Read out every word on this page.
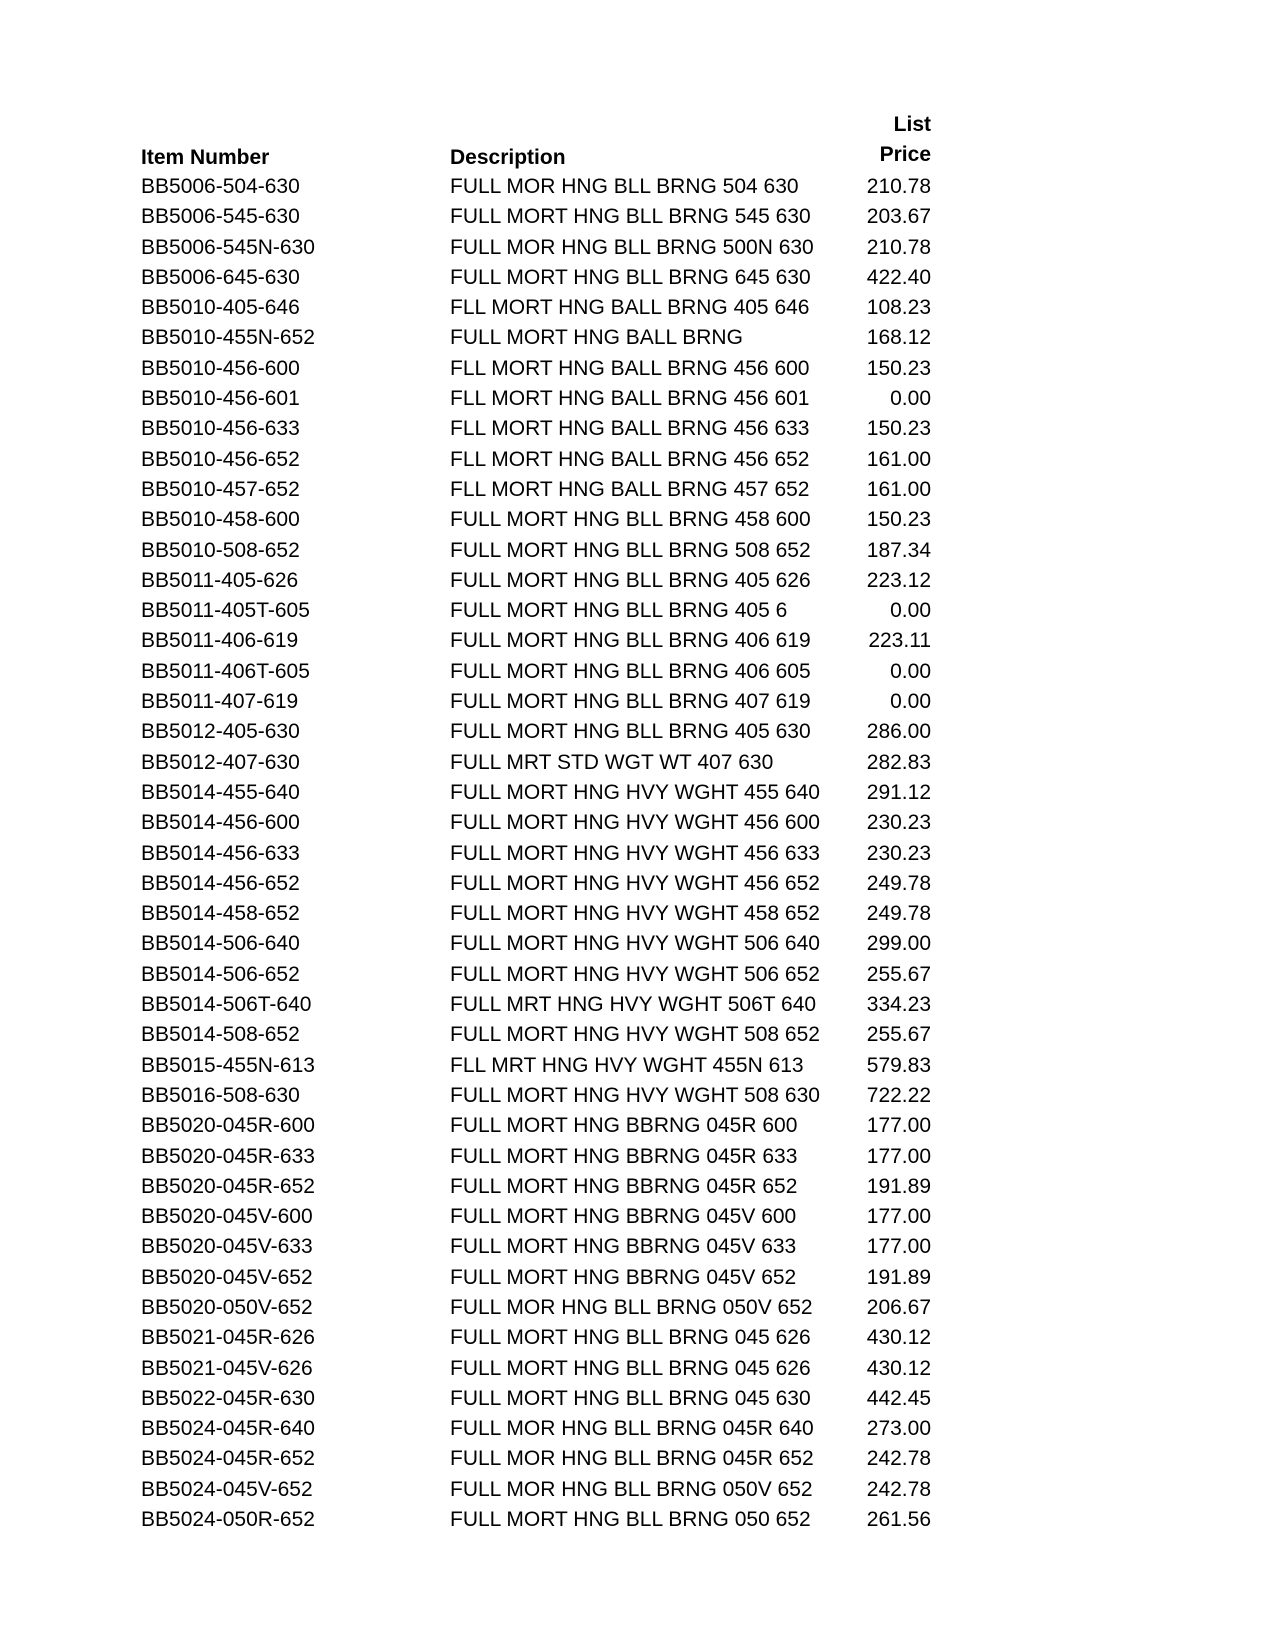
Item Number	Description
List
Price
BB5006-504-630	FULL MOR HNG BLL BRNG 504 630	210.78
BB5006-545-630	FULL MORT HNG BLL BRNG 545 630	203.67
BB5006-545N-630	FULL MOR HNG BLL BRNG 500N 630	210.78
BB5006-645-630	FULL MORT HNG BLL BRNG 645 630	422.40
BB5010-405-646	FLL MORT HNG BALL BRNG 405 646	108.23
BB5010-455N-652	FULL MORT HNG BALL BRNG	168.12
BB5010-456-600	FLL MORT HNG BALL BRNG 456 600	150.23
BB5010-456-601	FLL MORT HNG BALL BRNG 456 601	0.00
BB5010-456-633	FLL MORT HNG BALL BRNG 456 633	150.23
BB5010-456-652	FLL MORT HNG BALL BRNG 456 652	161.00
BB5010-457-652	FLL MORT HNG BALL BRNG 457 652	161.00
BB5010-458-600	FULL MORT HNG BLL BRNG 458 600	150.23
BB5010-508-652	FULL MORT HNG BLL BRNG 508 652	187.34
BB5011-405-626	FULL MORT HNG BLL BRNG 405 626	223.12
BB5011-405T-605	FULL MORT HNG BLL BRNG 405 6	0.00
BB5011-406-619	FULL MORT HNG BLL BRNG 406 619	223.11
BB5011-406T-605	FULL MORT HNG BLL BRNG 406 605	0.00
BB5011-407-619	FULL MORT HNG BLL BRNG 407 619	0.00
BB5012-405-630	FULL MORT HNG BLL BRNG 405 630	286.00
BB5012-407-630	FULL MRT STD WGT WT 407 630	282.83
BB5014-455-640	FULL MORT HNG HVY WGHT 455 640	291.12
BB5014-456-600	FULL MORT HNG HVY WGHT 456 600	230.23
BB5014-456-633	FULL MORT HNG HVY WGHT 456 633	230.23
BB5014-456-652	FULL MORT HNG HVY WGHT 456 652	249.78
BB5014-458-652	FULL MORT HNG HVY WGHT 458 652	249.78
BB5014-506-640	FULL MORT HNG HVY WGHT 506 640	299.00
BB5014-506-652	FULL MORT HNG HVY WGHT 506 652	255.67
BB5014-506T-640	FULL MRT HNG HVY WGHT 506T 640	334.23
BB5014-508-652	FULL MORT HNG HVY WGHT 508 652	255.67
BB5015-455N-613	FLL MRT HNG HVY WGHT 455N 613	579.83
BB5016-508-630	FULL MORT HNG HVY WGHT 508 630	722.22
BB5020-045R-600	FULL MORT HNG BBRNG 045R 600	177.00
BB5020-045R-633	FULL MORT HNG BBRNG 045R 633	177.00
BB5020-045R-652	FULL MORT HNG BBRNG 045R 652	191.89
BB5020-045V-600	FULL MORT HNG BBRNG 045V 600	177.00
BB5020-045V-633	FULL MORT HNG BBRNG 045V 633	177.00
BB5020-045V-652	FULL MORT HNG BBRNG 045V 652	191.89
BB5020-050V-652	FULL MOR HNG BLL BRNG 050V 652	206.67
BB5021-045R-626	FULL MORT HNG BLL BRNG 045 626	430.12
BB5021-045V-626	FULL MORT HNG BLL BRNG 045 626	430.12
BB5022-045R-630	FULL MORT HNG BLL BRNG 045 630	442.45
BB5024-045R-640	FULL MOR HNG BLL BRNG 045R 640	273.00
BB5024-045R-652	FULL MOR HNG BLL BRNG 045R 652	242.78
BB5024-045V-652	FULL MOR HNG BLL BRNG 050V 652	242.78
BB5024-050R-652	FULL MORT HNG BLL BRNG 050 652	261.56
